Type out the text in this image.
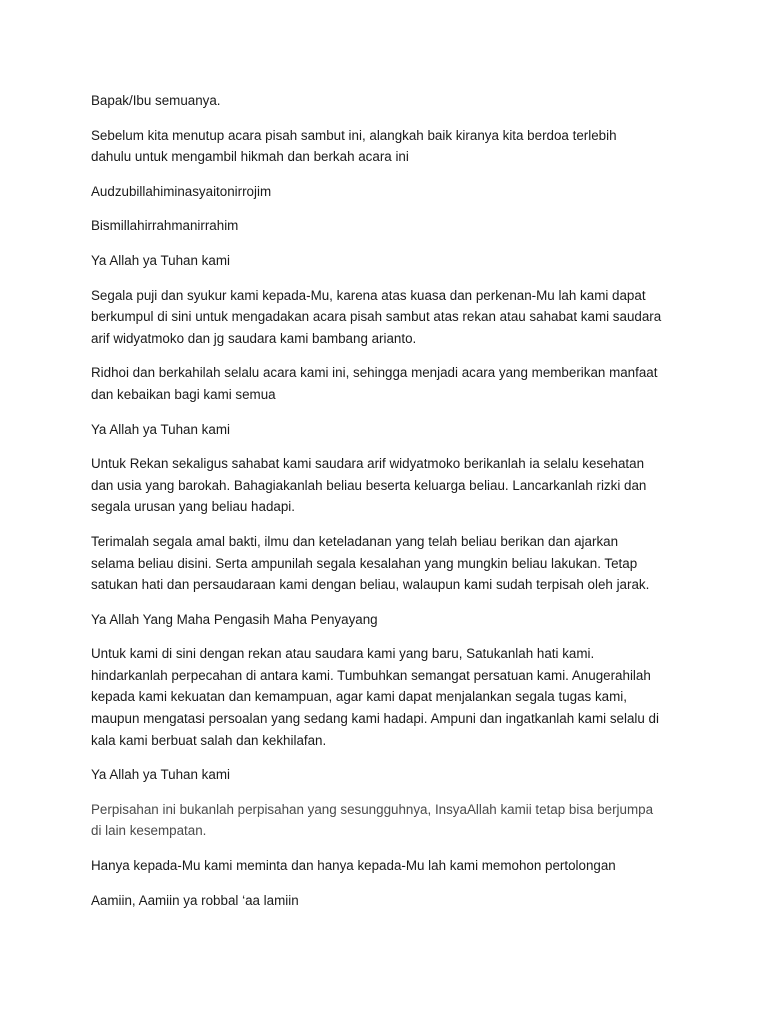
Bapak/Ibu semuanya.

Sebelum kita menutup acara pisah sambut ini, alangkah baik kiranya kita berdoa terlebih
dahulu untuk mengambil hikmah dan berkah acara ini

Audzubillahiminasyaitonirrojim

Bismillahirrahmanirrahim

Ya Allah ya Tuhan kami

Segala puji dan syukur kami kepada-Mu, karena atas kuasa dan perkenan-Mu lah kami dapat
berkumpul di sini untuk mengadakan acara pisah sambut atas rekan atau sahabat kami saudara
arif widyatmoko dan jg saudara kami bambang arianto.

Ridhoi dan berkahilah selalu acara kami ini, sehingga menjadi acara yang memberikan manfaat
dan kebaikan bagi kami semua

Ya Allah ya Tuhan kami

Untuk Rekan sekaligus sahabat kami saudara arif widyatmoko berikanlah ia selalu kesehatan
dan usia yang barokah. Bahagiakanlah beliau beserta keluarga beliau. Lancarkanlah rizki dan
segala urusan yang beliau hadapi.

Terimalah segala amal bakti, ilmu dan keteladanan yang telah beliau berikan dan ajarkan
selama beliau disini. Serta ampunilah segala kesalahan yang mungkin beliau lakukan. Tetap
satukan hati dan persaudaraan kami dengan beliau, walaupun kami sudah terpisah oleh jarak.

Ya Allah Yang Maha Pengasih Maha Penyayang

Untuk kami di sini dengan rekan atau saudara kami yang baru, Satukanlah hati kami.
hindarkanlah perpecahan di antara kami. Tumbuhkan semangat persatuan kami. Anugerahilah
kepada kami kekuatan dan kemampuan, agar kami dapat menjalankan segala tugas kami,
maupun mengatasi persoalan yang sedang kami hadapi. Ampuni dan ingatkanlah kami selalu di
kala kami berbuat salah dan kekhilafan.

Ya Allah ya Tuhan kami

Perpisahan ini bukanlah perpisahan yang sesungguhnya, InsyaAllah kamii tetap bisa berjumpa
di lain kesempatan.

Hanya kepada-Mu kami meminta dan hanya kepada-Mu lah kami memohon pertolongan

Aamiin, Aamiin ya robbal ‘aa lamiin
